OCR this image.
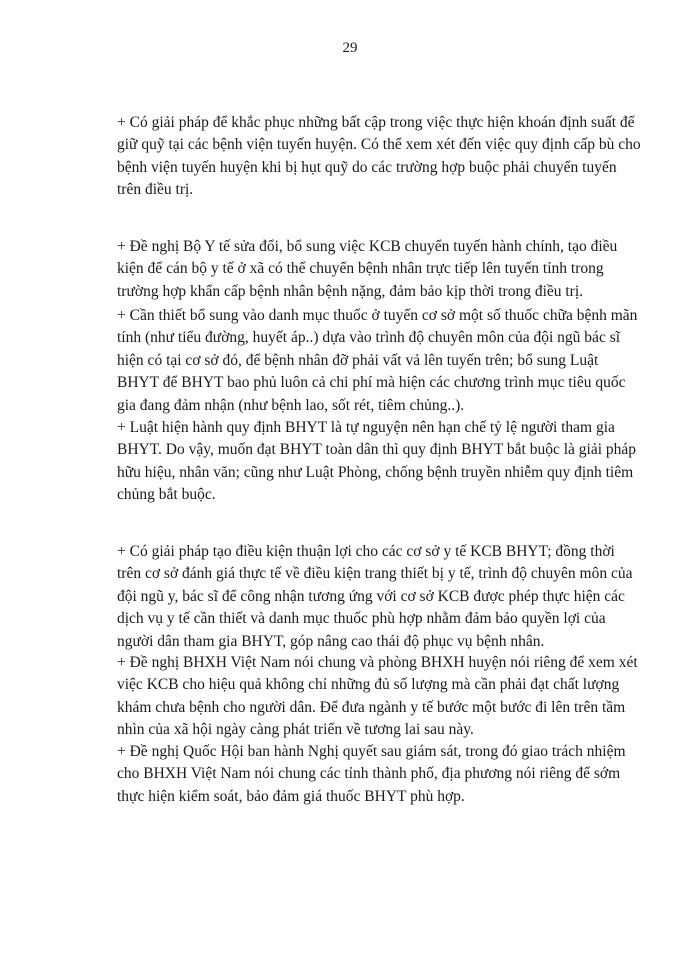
29
+ Có giải pháp để khắc phục những bất cập trong việc thực hiện khoán định suất để
giữ quỹ tại các bệnh viện tuyến huyện. Có thể xem xét đến việc quy định cấp bù cho
bệnh viện tuyến huyện khi bị hụt quỹ do các trường hợp buộc phải chuyển tuyến
trên điều trị.
+ Đề nghị Bộ Y tế sửa đổi, bổ sung việc KCB chuyển tuyến hành chính, tạo điều
kiện để cán bộ y tế ở xã có thể chuyển bệnh nhân trực tiếp lên tuyến tỉnh trong
trường hợp khẩn cấp bệnh nhân bệnh nặng, đảm bảo kịp thời trong điều trị.
+ Cần thiết bổ sung vào danh mục thuốc ở tuyến cơ sở một số thuốc chữa bệnh mãn
tính (như tiểu đường, huyết áp..) dựa vào trình độ chuyên môn của đội ngũ bác sĩ
hiện có tại cơ sở đó, để bệnh nhân đỡ phải vất vả lên tuyến trên; bổ sung Luật
BHYT để BHYT bao phủ luôn cả chi phí mà hiện các chương trình mục tiêu quốc
gia đang đảm nhận (như bệnh lao, sốt rét, tiêm chủng..).
+ Luật hiện hành quy định BHYT là tự nguyện nên hạn chế tỷ lệ người tham gia
BHYT. Do vậy, muốn đạt BHYT toàn dân thì quy định BHYT bắt buộc là giải pháp
hữu hiệu, nhân văn; cũng như Luật Phòng, chống bệnh truyền nhiễm quy định tiêm
chủng bắt buộc.
+ Có giải pháp tạo điều kiện thuận lợi cho các cơ sở y tế KCB BHYT; đồng thời
trên cơ sở đánh giá thực tế về điều kiện trang thiết bị y tế, trình độ chuyên môn của
đội ngũ y, bác sĩ để công nhận tương ứng với cơ sở KCB được phép thực hiện các
dịch vụ y tế cần thiết và danh mục thuốc phù hợp nhằm đảm bảo quyền lợi của
người dân tham gia BHYT, góp nâng cao thái độ phục vụ bệnh nhân.
+ Đề nghị BHXH Việt Nam nói chung và phòng BHXH huyện nói riêng để xem xét
việc KCB cho hiệu quả không chỉ những đủ số lượng mà cần phải đạt chất lượng
khám chưa bệnh cho người dân. Để đưa ngành y tế bước một bước đi lên trên tầm
nhìn của xã hội ngày càng phát triển về tương lai sau này.
+ Đề nghị Quốc Hội ban hành Nghị quyết sau giám sát, trong đó giao trách nhiệm
cho BHXH Việt Nam nói chung các tỉnh thành phố, địa phương nói riêng để sớm
thực hiện kiểm soát, bảo đảm giá thuốc BHYT phù hợp.
